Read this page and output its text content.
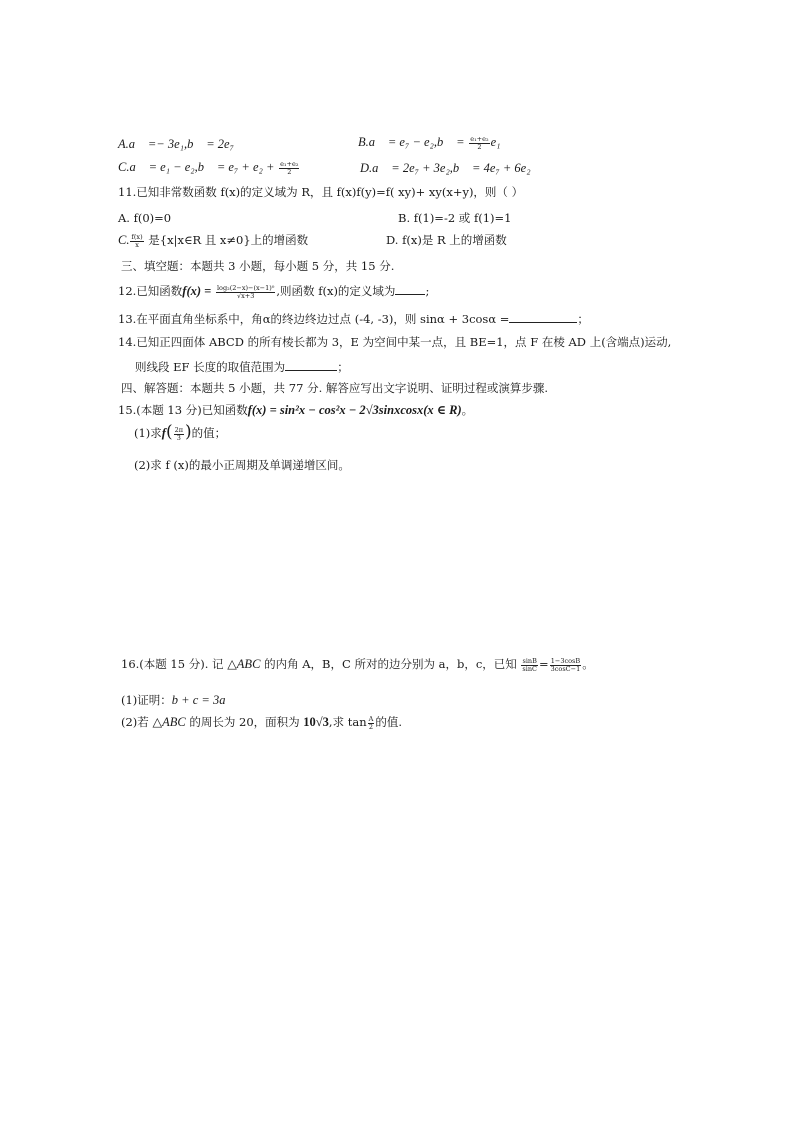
A.a⃗ =− 3e₁,b⃗ = 2e₇	B.a⃗ = e₇ − e₂,b⃗ = $\frac{\text{e₁+e₂}}{2} e_1$
C.a⃗ = e₁ − e₂,b⃗ = $e_7 + e_2 + \frac{\text{e₁+e₂}}{2}$	D.a⃗ = 2e₇ + 3e₂,b⃗ = 4e₇ + 6e₂
11.已知非常数函数 f(x)的定义域为 R，且 f(x)f(y)=f( xy)+ xy(x+y)，则（ ）
A. f(0)=0	B. f(1)=-2 或 f(1)=1
C. $\frac{f(x)}{x}$ 是{x|x∈R 且 x≠0}上的增函数	D. f(x)是 R 上的增函数
三、填空题：本题共 3 小题，每小题 5 分，共 15 分.
12.已知函数$f(x) = \frac{\text{log₂(2−x)−(x−1)⁰}}{√x+3}$ ,则函数 f(x)的定义域为	;
13.在平面直角坐标系中，角α的终边终边过点 (-4, -3)，则 sinα + 3cosα =	；
14.已知正四面体 ABCD 的所有棱长都为 3，E 为空间中某一点，且 BE=1，点 F 在棱 AD 上(含端点)运动,
则线段 EF 长度的取值范围为	；
四、解答题：本题共 5 小题，共 77 分. 解答应写出文字说明、证明过程或演算步骤.
15.(本题 13 分)已知函数f(x) = sin²x − cos²x − 2√3sinxcosx(x ∈ R)。
(1)求$f( \frac{2\pi}{3}$ )的值；
(2)求 f (x)的最小正周期及单调递增区间。
16.(本题 15 分). 记 △ABC 的内角 A，B，C 所对的边分别为 a，b，c，已知 $\frac{\sin B}{\sin C} = \frac{1-3\cos B}{3\cos C-1}$ 。
(1)证明：b + c = 3a
(2)若 △ABC 的周长为 20，面积为 10√3,求 $\tan \frac{A}{2}$ 的值.
